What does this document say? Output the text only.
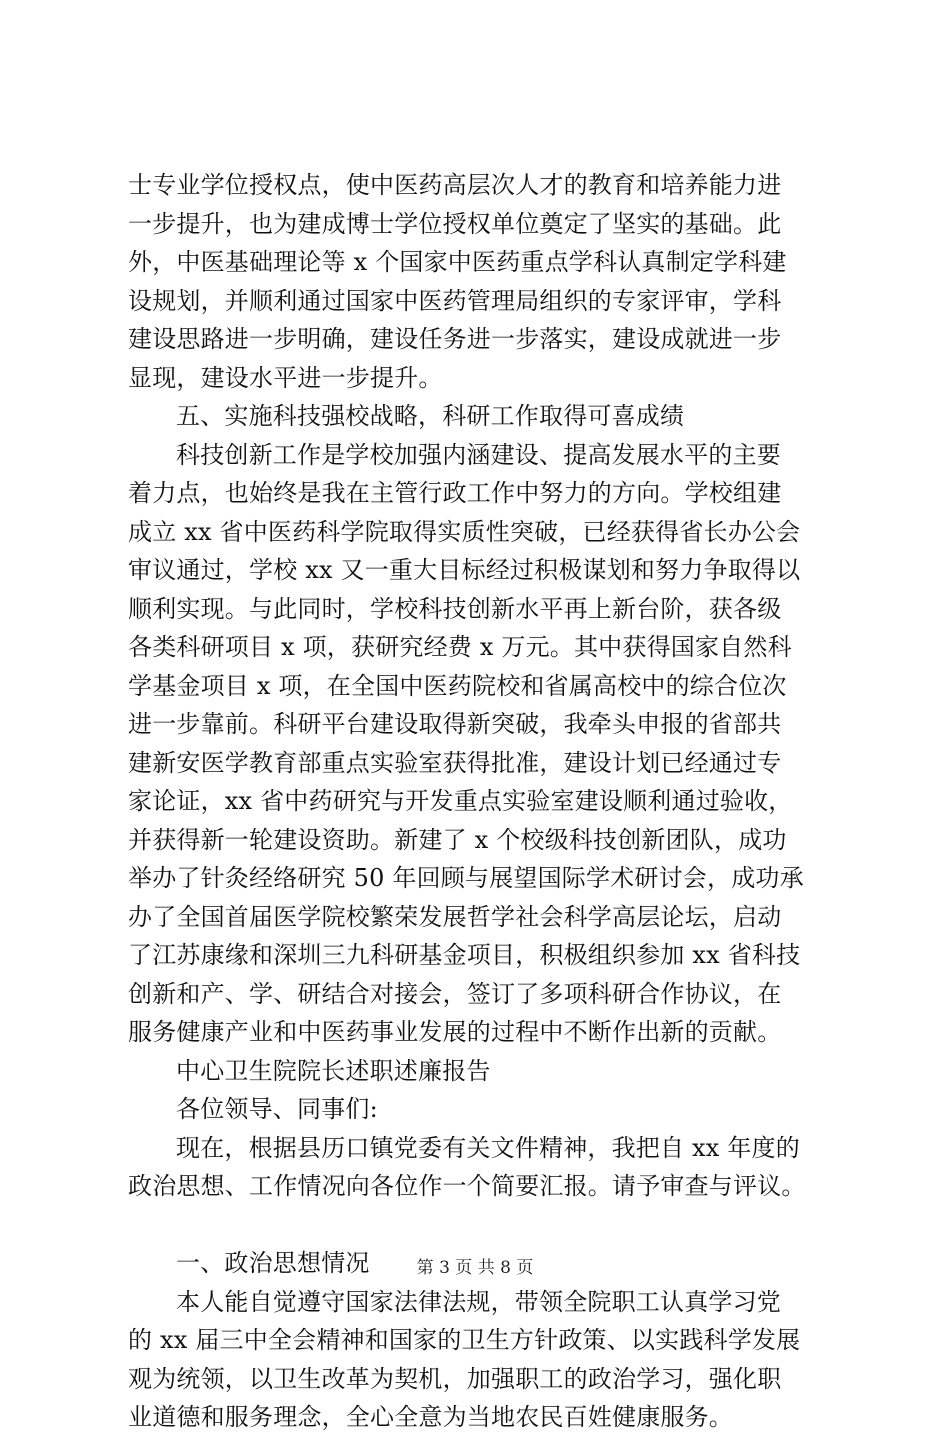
士专业学位授权点，使中医药高层次人才的教育和培养能力进
一步提升，也为建成博士学位授权单位奠定了坚实的基础。此
外，中医基础理论等 x 个国家中医药重点学科认真制定学科建
设规划，并顺利通过国家中医药管理局组织的专家评审，学科
建设思路进一步明确，建设任务进一步落实，建设成就进一步
显现，建设水平进一步提升。
五、实施科技强校战略，科研工作取得可喜成绩
科技创新工作是学校加强内涵建设、提高发展水平的主要
着力点，也始终是我在主管行政工作中努力的方向。学校组建
成立 xx 省中医药科学院取得实质性突破，已经获得省长办公会
审议通过，学校 xx 又一重大目标经过积极谋划和努力争取得以
顺利实现。与此同时，学校科技创新水平再上新台阶，获各级
各类科研项目 x 项，获研究经费 x 万元。其中获得国家自然科
学基金项目 x 项，在全国中医药院校和省属高校中的综合位次
进一步靠前。科研平台建设取得新突破，我牵头申报的省部共
建新安医学教育部重点实验室获得批准，建设计划已经通过专
家论证，xx 省中药研究与开发重点实验室建设顺利通过验收，
并获得新一轮建设资助。新建了 x 个校级科技创新团队，成功
举办了针灸经络研究 50 年回顾与展望国际学术研讨会，成功承
办了全国首届医学院校繁荣发展哲学社会科学高层论坛，启动
了江苏康缘和深圳三九科研基金项目，积极组织参加 xx 省科技
创新和产、学、研结合对接会，签订了多项科研合作协议，在
服务健康产业和中医药事业发展的过程中不断作出新的贡献。
中心卫生院院长述职述廉报告
各位领导、同事们:
现在，根据县历口镇党委有关文件精神，我把自 xx 年度的
政治思想、工作情况向各位作一个简要汇报。请予审查与评议。
一、政治思想情况
本人能自觉遵守国家法律法规，带领全院职工认真学习党
的 xx 届三中全会精神和国家的卫生方针政策、以实践科学发展
观为统领，以卫生改革为契机，加强职工的政治学习，强化职
业道德和服务理念，全心全意为当地农民百姓健康服务。
第 3 页 共 8 页
